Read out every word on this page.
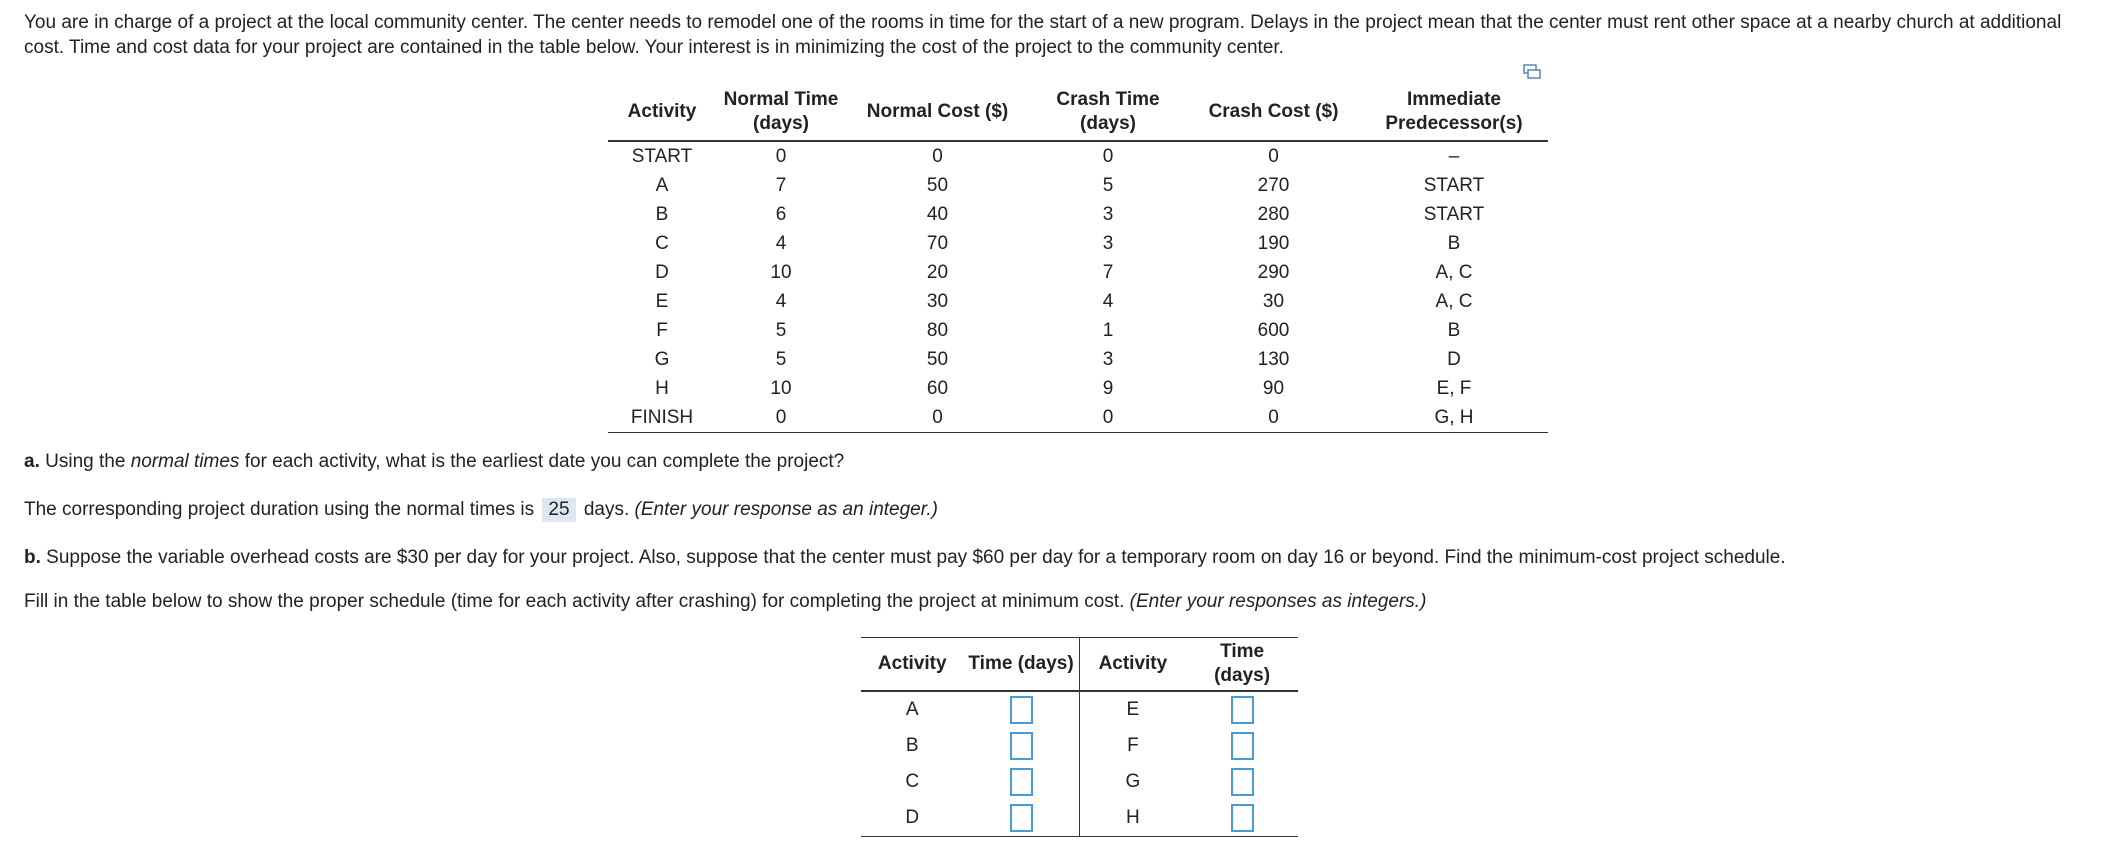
You are in charge of a project at the local community center. The center needs to remodel one of the rooms in time for the start of a new program. Delays in the project mean that the center must rent other space at a nearby church at additional cost. Time and cost data for your project are contained in the table below. Your interest is in minimizing the cost of the project to the community center.
Activity	Normal Time (days)	Normal Cost ($)	Crash Time (days)	Crash Cost ($)	Immediate Predecessor(s)
START	0	0	0	0	–
A	7	50	5	270	START
B	6	40	3	280	START
C	4	70	3	190	B
D	10	20	7	290	A, C
E	4	30	4	30	A, C
F	5	80	1	600	B
G	5	50	3	130	D
H	10	60	9	90	E, F
FINISH	0	0	0	0	G, H
a. Using the normal times for each activity, what is the earliest date you can complete the project?
The corresponding project duration using the normal times is 25 days. (Enter your response as an integer.)
b. Suppose the variable overhead costs are $30 per day for your project. Also, suppose that the center must pay $60 per day for a temporary room on day 16 or beyond. Find the minimum-cost project schedule.
Fill in the table below to show the proper schedule (time for each activity after crashing) for completing the project at minimum cost. (Enter your responses as integers.)
Activity	Time (days)	Activity	Time (days)
A		E	
B		F	
C		G	
D		H	
